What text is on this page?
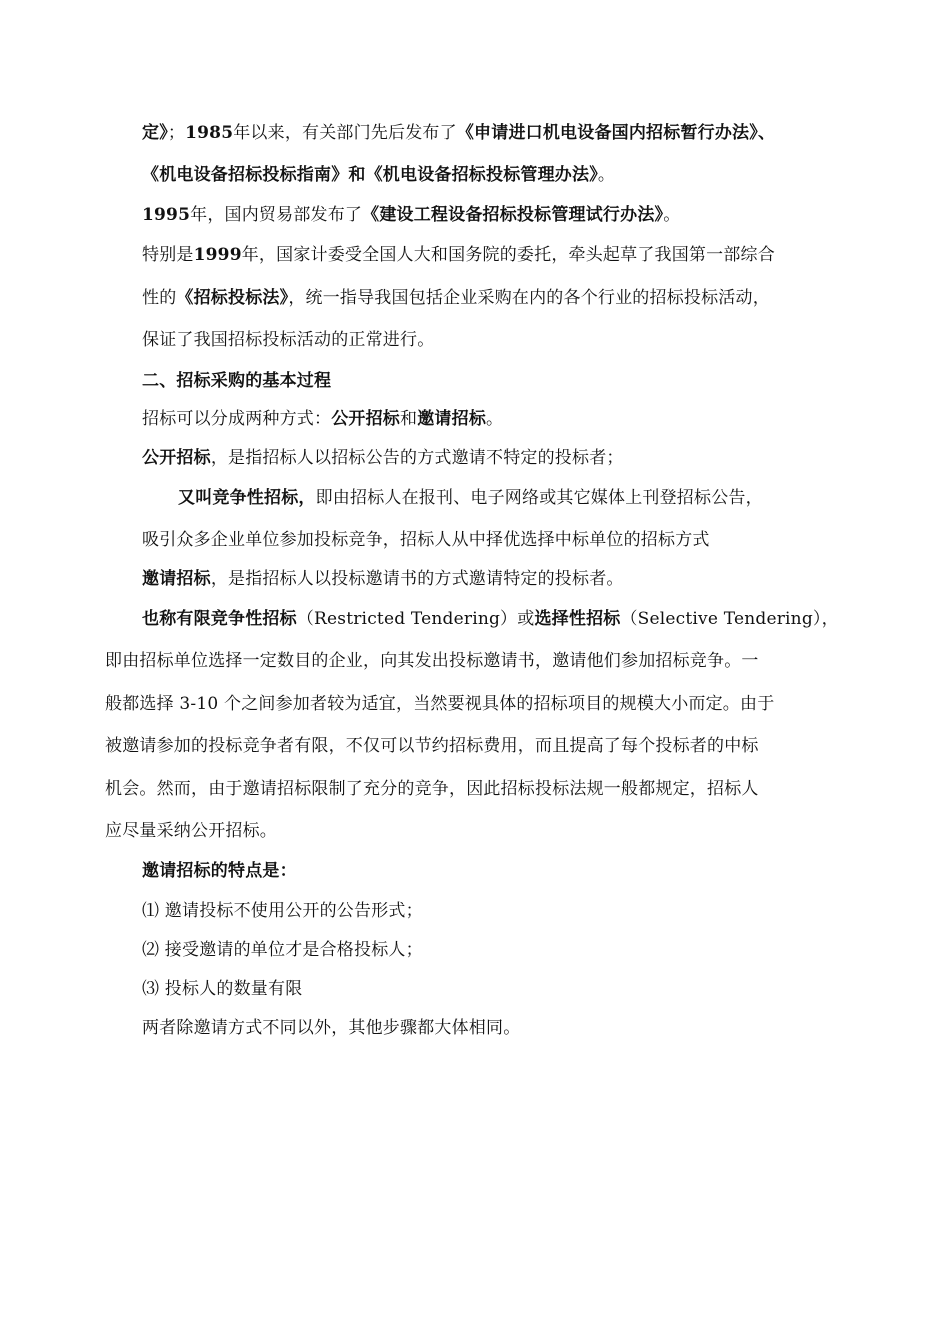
定》；1985年以来，有关部门先后发布了《申请进口机电设备国内招标暂行办法》、
《机电设备招标投标指南》和《机电设备招标投标管理办法》。
1995年，国内贸易部发布了《建设工程设备招标投标管理试行办法》。
特别是1999年，国家计委受全国人大和国务院的委托，牵头起草了我国第一部综合
性的《招标投标法》，统一指导我国包括企业采购在内的各个行业的招标投标活动，
保证了我国招标投标活动的正常进行。
二、招标采购的基本过程
招标可以分成两种方式：公开招标和邀请招标。
公开招标，是指招标人以招标公告的方式邀请不特定的投标者；
又叫竞争性招标，即由招标人在报刊、电子网络或其它媒体上刊登招标公告，
吸引众多企业单位参加投标竞争，招标人从中择优选择中标单位的招标方式
邀请招标，是指招标人以投标邀请书的方式邀请特定的投标者。
也称有限竞争性招标（Restricted Tendering）或选择性招标（Selective Tendering），
即由招标单位选择一定数目的企业，向其发出投标邀请书，邀请他们参加招标竞争。一
般都选择 3-10 个之间参加者较为适宜，当然要视具体的招标项目的规模大小而定。由于
被邀请参加的投标竞争者有限，不仅可以节约招标费用，而且提高了每个投标者的中标
机会。然而，由于邀请招标限制了充分的竞争，因此招标投标法规一般都规定，招标人
应尽量采纳公开招标。
邀请招标的特点是：
⑴ 邀请投标不使用公开的公告形式；
⑵ 接受邀请的单位才是合格投标人；
⑶ 投标人的数量有限
两者除邀请方式不同以外，其他步骤都大体相同。
